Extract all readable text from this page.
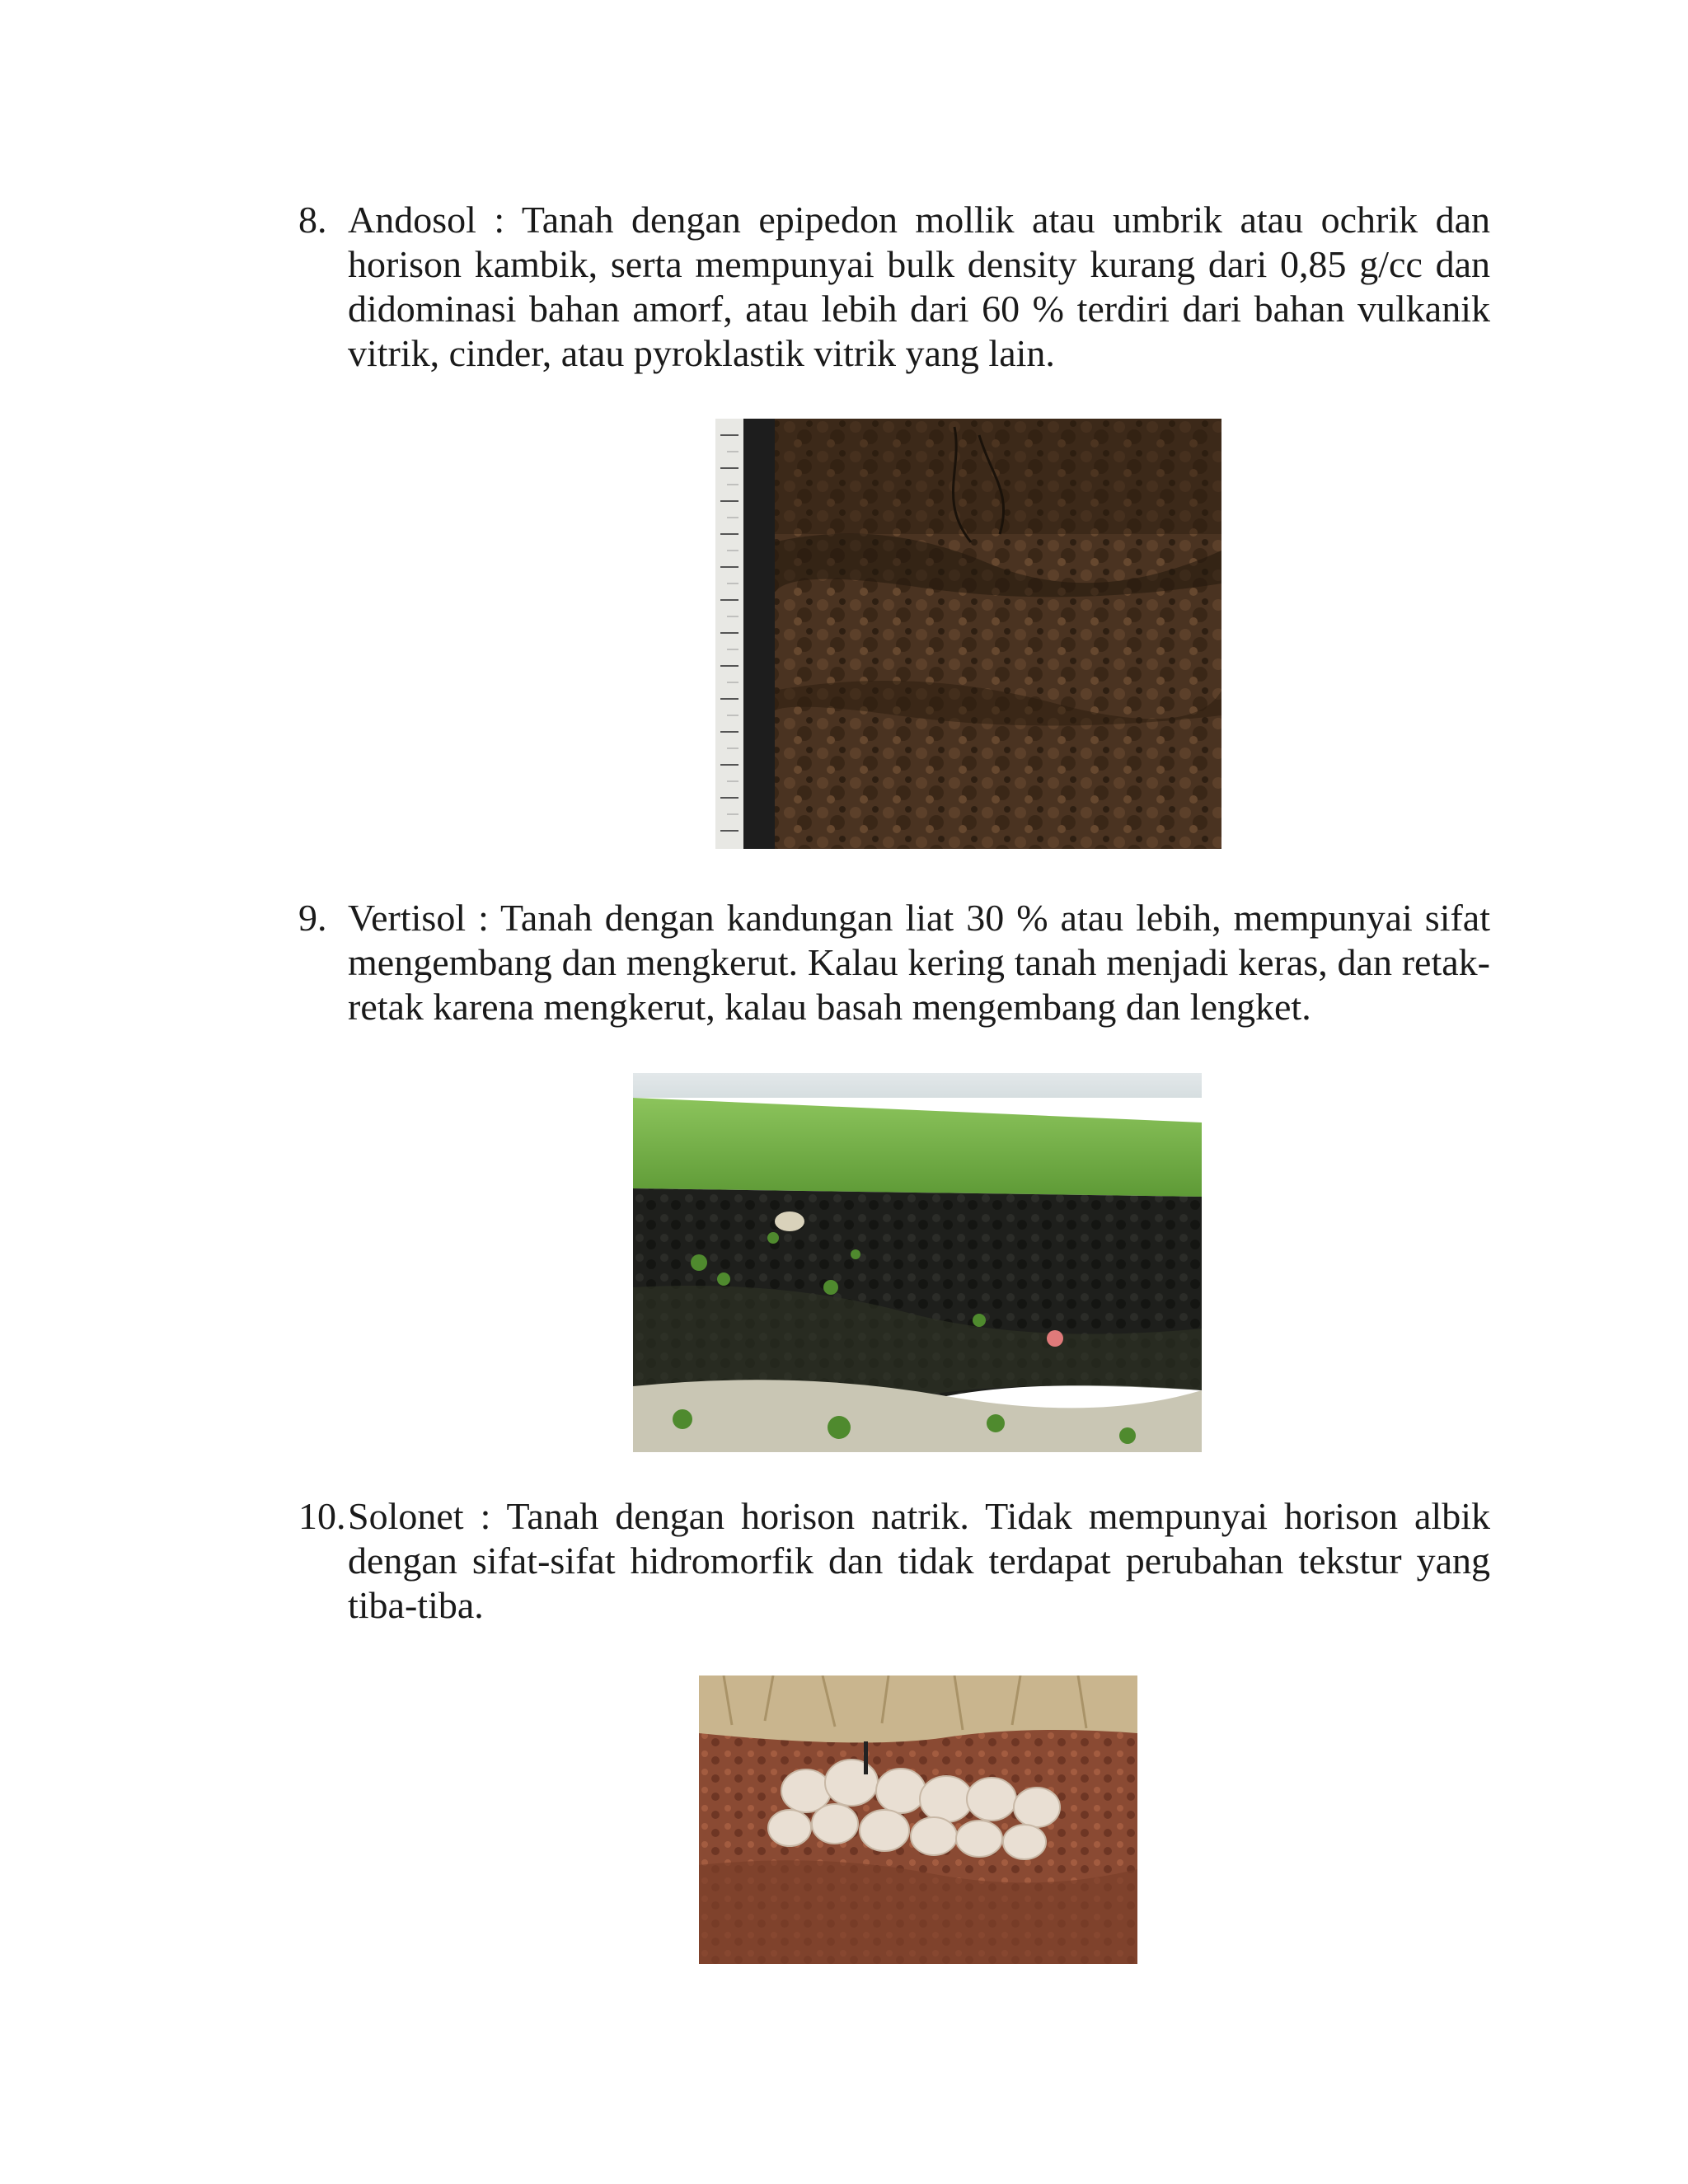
8. Andosol : Tanah dengan epipedon mollik atau umbrik atau ochrik dan horison kambik, serta mempunyai bulk density kurang dari 0,85 g/cc dan didominasi bahan amorf, atau lebih dari 60 % terdiri dari bahan vulkanik vitrik, cinder, atau pyroklastik vitrik yang lain.
9. Vertisol : Tanah dengan kandungan liat 30 % atau lebih, mempunyai sifat mengembang dan mengkerut. Kalau kering tanah menjadi keras, dan retak-retak karena mengkerut, kalau basah mengembang dan lengket.
10. Solonet : Tanah dengan horison natrik. Tidak mempunyai horison albik dengan sifat-sifat hidromorfik dan tidak terdapat perubahan tekstur yang tiba-tiba.
